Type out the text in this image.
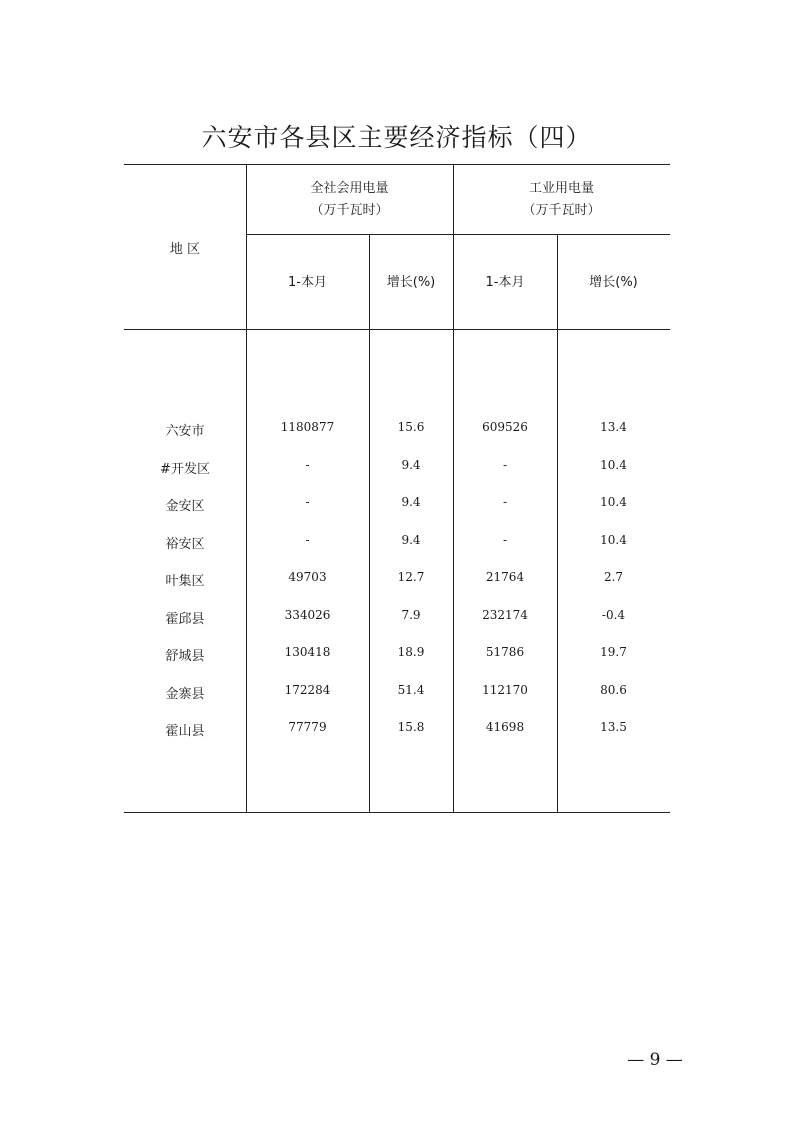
六安市各县区主要经济指标（四）
地 区
全社会用电量
（万千瓦时）
工业用电量
（万千瓦时）
1-本月	增长(%)	1-本月	增长(%)
六安市	1180877	15.6	609526	13.4
#开发区	-	9.4	-	10.4
金安区	-	9.4	-	10.4
裕安区	-	9.4	-	10.4
叶集区	49703	12.7	21764	2.7
霍邱县	334026	7.9	232174	-0.4
舒城县	130418	18.9	51786	19.7
金寨县	172284	51.4	112170	80.6
霍山县	77779	15.8	41698	13.5
— 9 —
